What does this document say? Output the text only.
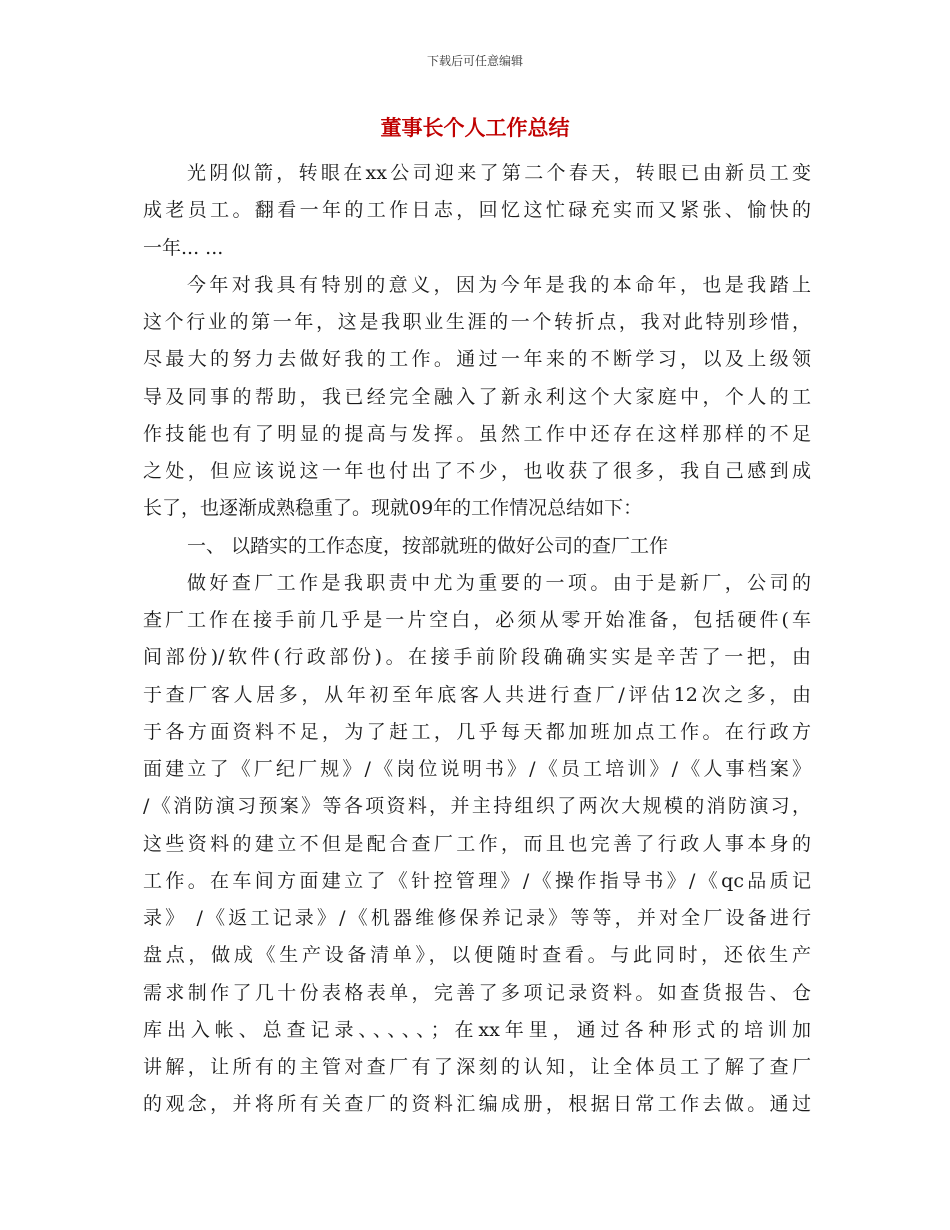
下载后可任意编辑
董事长个人工作总结
光阴似箭，转眼在xx公司迎来了第二个春天，转眼已由新员工变
成老员工。翻看一年的工作日志，回忆这忙碌充实而又紧张、愉快的
一年... ...
今年对我具有特别的意义，因为今年是我的本命年，也是我踏上
这个行业的第一年，这是我职业生涯的一个转折点，我对此特别珍惜，
尽最大的努力去做好我的工作。通过一年来的不断学习，以及上级领
导及同事的帮助，我已经完全融入了新永利这个大家庭中，个人的工
作技能也有了明显的提高与发挥。虽然工作中还存在这样那样的不足
之处，但应该说这一年也付出了不少，也收获了很多，我自己感到成
长了，也逐渐成熟稳重了。现就09年的工作情况总结如下：
一、 以踏实的工作态度，按部就班的做好公司的查厂工作
做好查厂工作是我职责中尤为重要的一项。由于是新厂，公司的
查厂工作在接手前几乎是一片空白，必须从零开始准备，包括硬件(车
间部份)/软件(行政部份)。在接手前阶段确确实实是辛苦了一把，由
于查厂客人居多，从年初至年底客人共进行查厂/评估12次之多，由
于各方面资料不足，为了赶工，几乎每天都加班加点工作。在行政方
面建立了《厂纪厂规》/《岗位说明书》/《员工培训》/《人事档案》
/《消防演习预案》等各项资料，并主持组织了两次大规模的消防演习，
这些资料的建立不但是配合查厂工作，而且也完善了行政人事本身的
工作。在车间方面建立了《针控管理》/《操作指导书》/《qc品质记
录》 /《返工记录》/《机器维修保养记录》等等，并对全厂设备进行
盘点，做成《生产设备清单》，以便随时查看。与此同时，还依生产
需求制作了几十份表格表单，完善了多项记录资料。如查货报告、仓
库出入帐、总查记录、、、、、；在xx年里，通过各种形式的培训加
讲解，让所有的主管对查厂有了深刻的认知，让全体员工了解了查厂
的观念，并将所有关查厂的资料汇编成册，根据日常工作去做。通过
